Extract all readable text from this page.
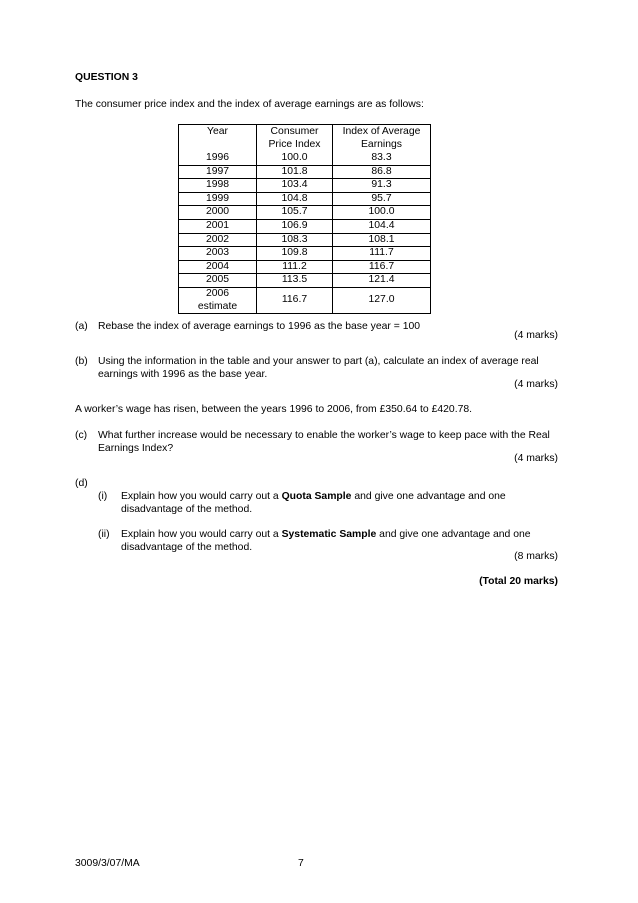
QUESTION 3
The consumer price index and the index of average earnings are as follows:
Year	Consumer Price Index	Index of Average Earnings
1996	100.0	83.3
1997	101.8	86.8
1998	103.4	91.3
1999	104.8	95.7
2000	105.7	100.0
2001	106.9	104.4
2002	108.3	108.1
2003	109.8	111.7
2004	111.2	116.7
2005	113.5	121.4

2006
estimate	116.7	127.0
(a) Rebase the index of average earnings to 1996 as the base year = 100
(4 marks)
(b) Using the information in the table and your answer to part (a), calculate an index of average real earnings with 1996 as the base year.
(4 marks)
A worker’s wage has risen, between the years 1996 to 2006, from £350.64 to £420.78.
(c) What further increase would be necessary to enable the worker’s wage to keep pace with the Real Earnings Index?
(4 marks)
(d)
(i) Explain how you would carry out a Quota Sample and give one advantage and one disadvantage of the method.
(ii) Explain how you would carry out a Systematic Sample and give one advantage and one disadvantage of the method.
(8 marks)
(Total 20 marks)
3009/3/07/MA	7
